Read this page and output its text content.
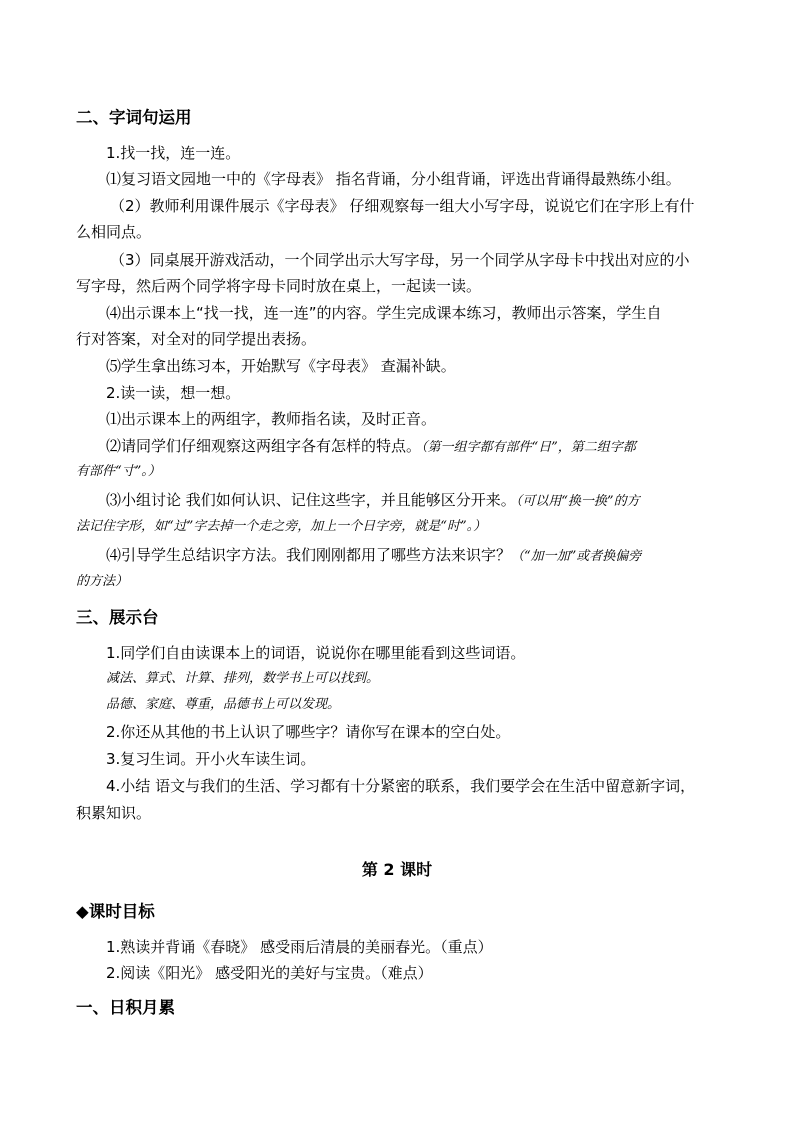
二、字词句运用
1.找一找，连一连。
⑴复习语文园地一中的《字母表》 指名背诵，分小组背诵，评选出背诵得最熟练小组。
（2）教师利用课件展示《字母表》 仔细观察每一组大小写字母，说说它们在字形上有什
么相同点。
（3）同桌展开游戏活动，一个同学出示大写字母，另一个同学从字母卡中找出对应的小
写字母，然后两个同学将字母卡同时放在桌上，一起读一读。
⑷出示课本上“找一找，连一连”的内容。学生完成课本练习，教师出示答案，学生自
行对答案，对全对的同学提出表扬。
⑸学生拿出练习本，开始默写《字母表》 查漏补缺。
2.读一读，想一想。
⑴出示课本上的两组字，教师指名读，及时正音。
⑵请同学们仔细观察这两组字各有怎样的特点。（第一组字都有部件“日”，第二组字都
有部件“寸”。）
⑶小组讨论 我们如何认识、记住这些字，并且能够区分开来。（可以用“换一换”的方
法记住字形，如“过”字去掉一个走之旁，加上一个日字旁，就是“时”。）
⑷引导学生总结识字方法。我们刚刚都用了哪些方法来识字？（“加一加”或者换偏旁
的方法）
三、展示台
1.同学们自由读课本上的词语，说说你在哪里能看到这些词语。
减法、算式、计算、排列，数学书上可以找到。
品德、家庭、尊重，品德书上可以发现。
2.你还从其他的书上认识了哪些字？请你写在课本的空白处。
3.复习生词。开小火车读生词。
4.小结 语文与我们的生活、学习都有十分紧密的联系，我们要学会在生活中留意新字词，
积累知识。
第 2 课时
◆课时目标
1.熟读并背诵《春晓》 感受雨后清晨的美丽春光。（重点）
2.阅读《阳光》 感受阳光的美好与宝贵。（难点）
一、日积月累
